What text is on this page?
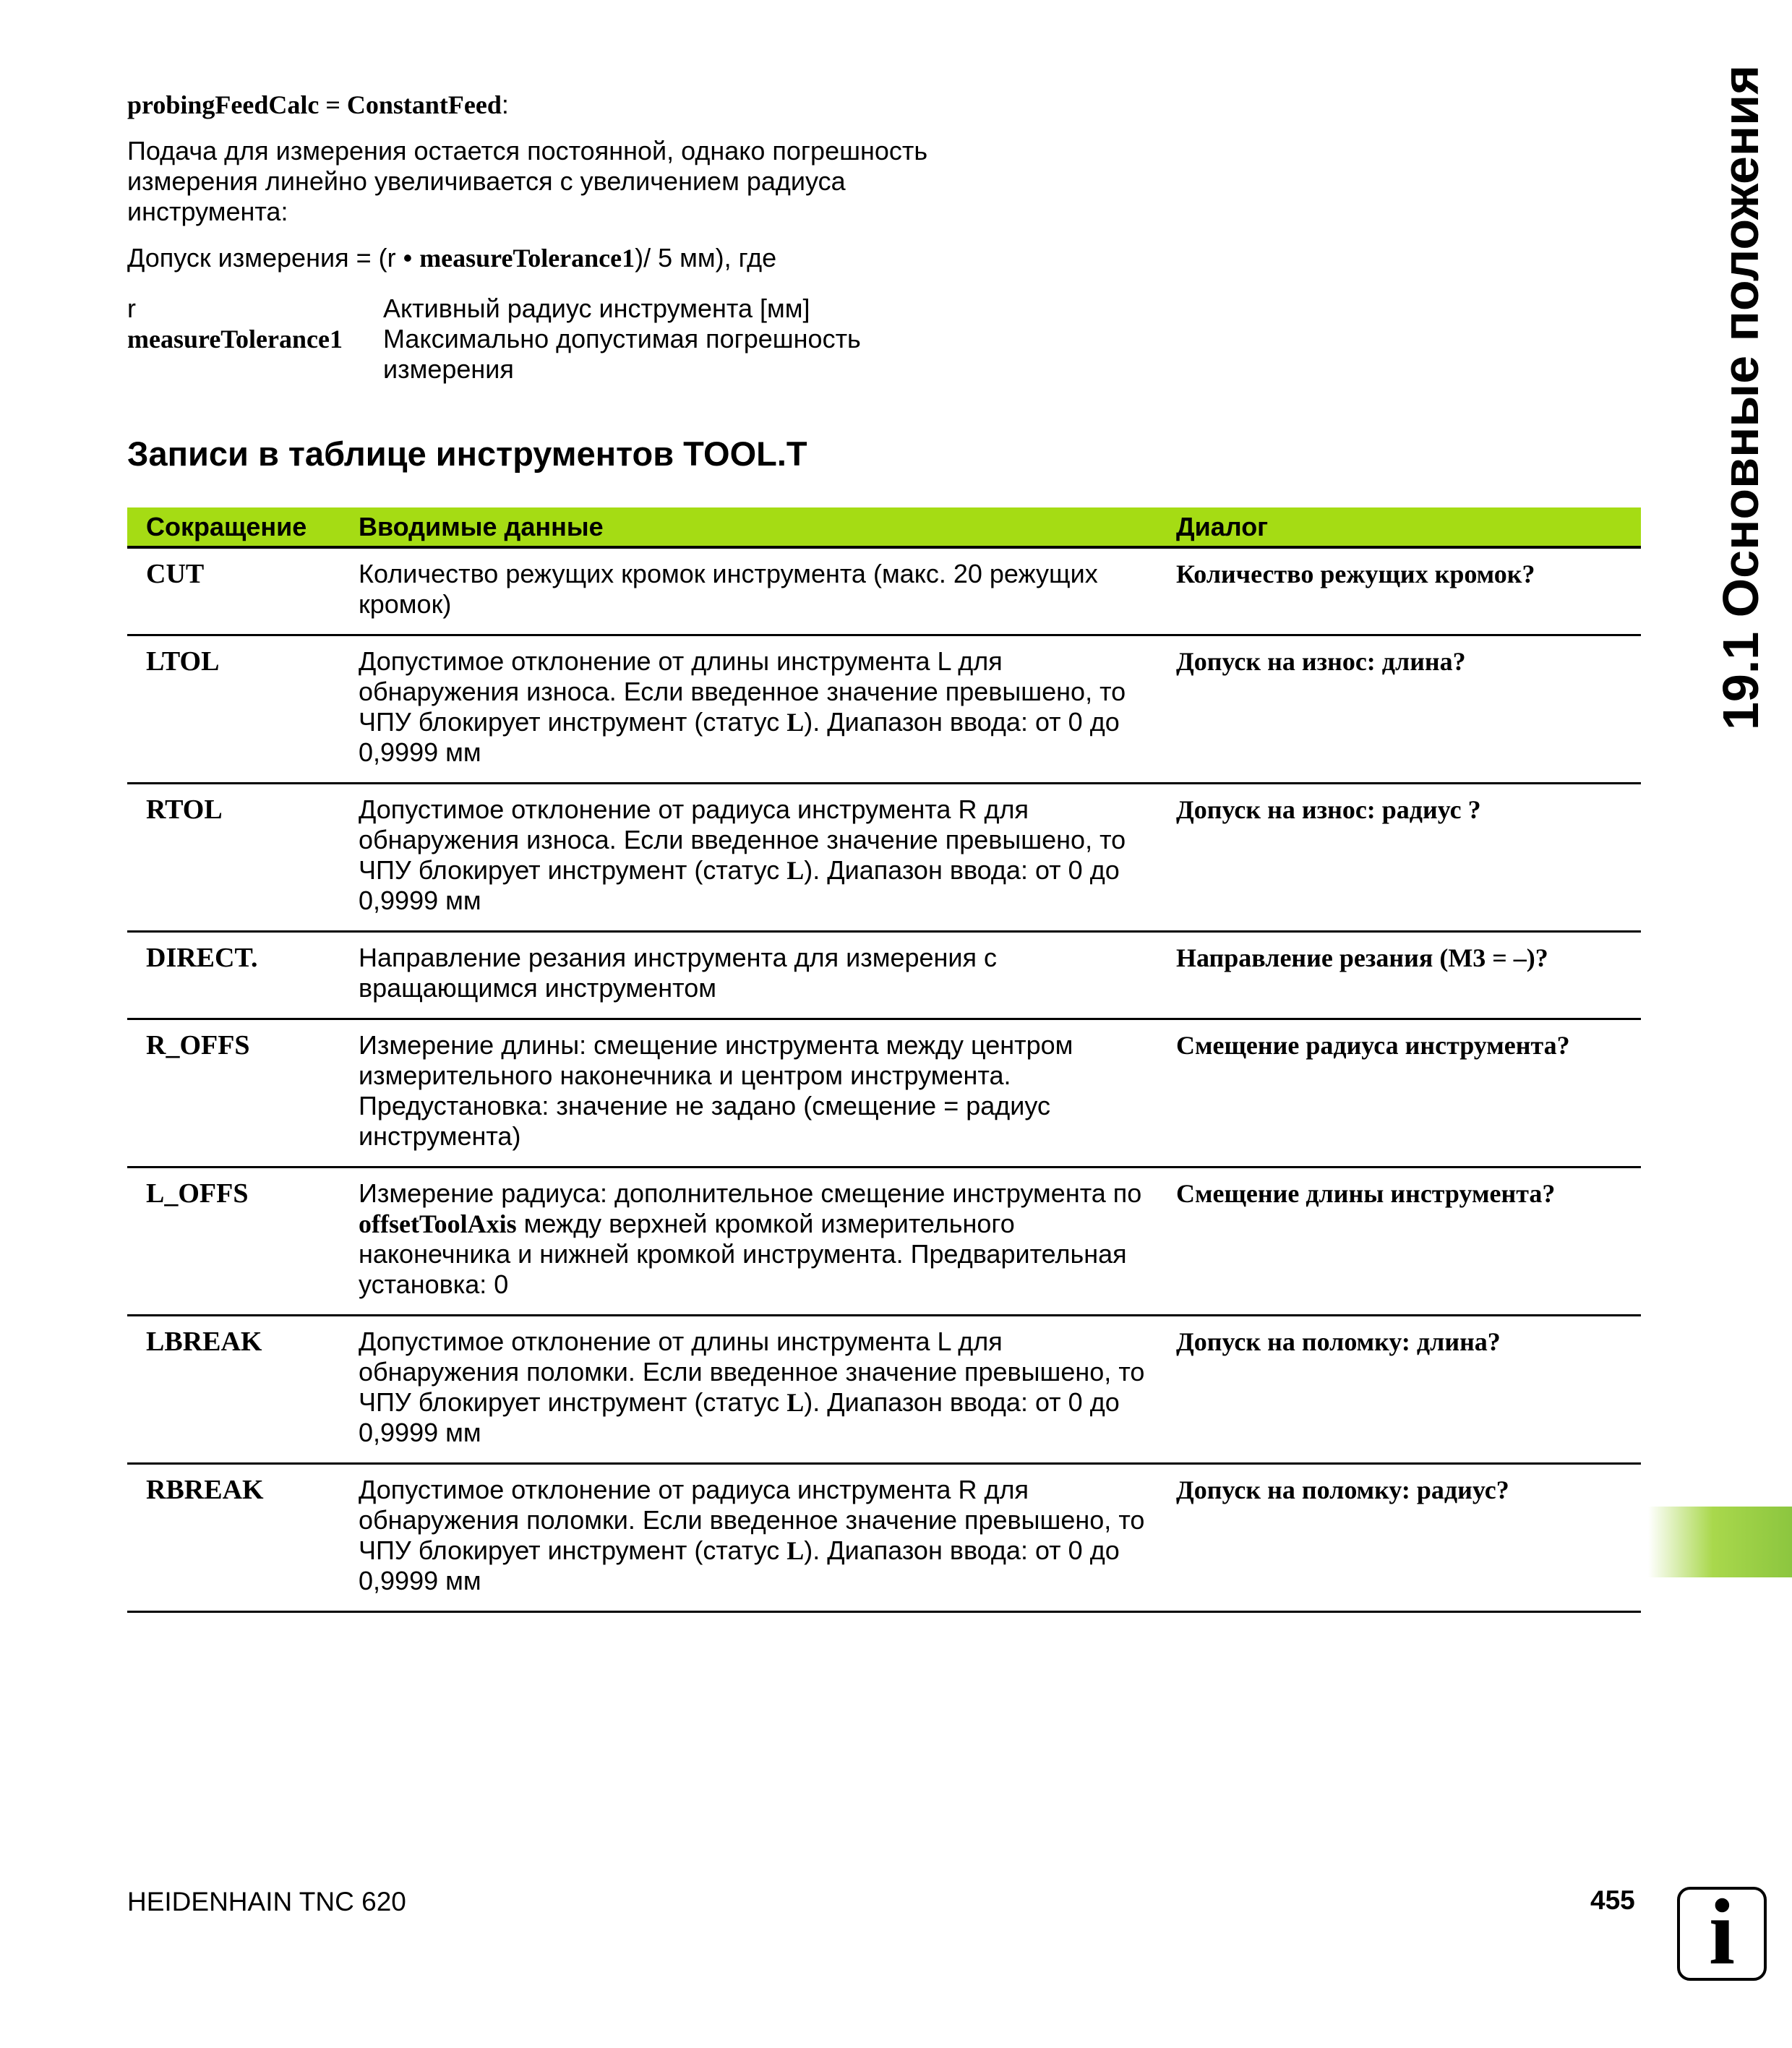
probingFeedCalc = ConstantFeed:

Подача для измерения остается постоянной, однако погрешность измерения линейно увеличивается с увеличением радиуса инструмента:

Допуск измерения = (r • measureTolerance1)/ 5 мм), где

r	Активный радиус инструмента [мм]
measureTolerance1	Максимально допустимая погрешность измерения
Записи в таблице инструментов TOOL.T
Сокращение	Вводимые данные	Диалог
CUT	Количество режущих кромок инструмента (макс. 20 режущих кромок)	Количество режущих кромок?
LTOL	Допустимое отклонение от длины инструмента L для обнаружения износа. Если введенное значение превышено, то ЧПУ блокирует инструмент (статус L). Диапазон ввода: от 0 до 0,9999 мм	Допуск на износ: длина?
RTOL	Допустимое отклонение от радиуса инструмента R для обнаружения износа. Если введенное значение превышено, то ЧПУ блокирует инструмент (статус L). Диапазон ввода: от 0 до 0,9999 мм	Допуск на износ: радиус ?
DIRECT.	Направление резания инструмента для измерения с вращающимся инструментом	Направление резания (M3 = –)?
R_OFFS	Измерение длины: смещение инструмента между центром измерительного наконечника и центром инструмента. Предустановка: значение не задано (смещение = радиус инструмента)	Смещение радиуса инструмента?
L_OFFS	Измерение радиуса: дополнительное смещение инструмента по offsetToolAxis между верхней кромкой измерительного наконечника и нижней кромкой инструмента. Предварительная установка: 0	Смещение длины инструмента?
LBREAK	Допустимое отклонение от длины инструмента L для обнаружения поломки. Если введенное значение превышено, то ЧПУ блокирует инструмент (статус L). Диапазон ввода: от 0 до 0,9999 мм	Допуск на поломку: длина?
RBREAK	Допустимое отклонение от радиуса инструмента R для обнаружения поломки. Если введенное значение превышено, то ЧПУ блокирует инструмент (статус L). Диапазон ввода: от 0 до 0,9999 мм	Допуск на поломку: радиус?
19.1 Основные положения
HEIDENHAIN TNC 620	455 i
